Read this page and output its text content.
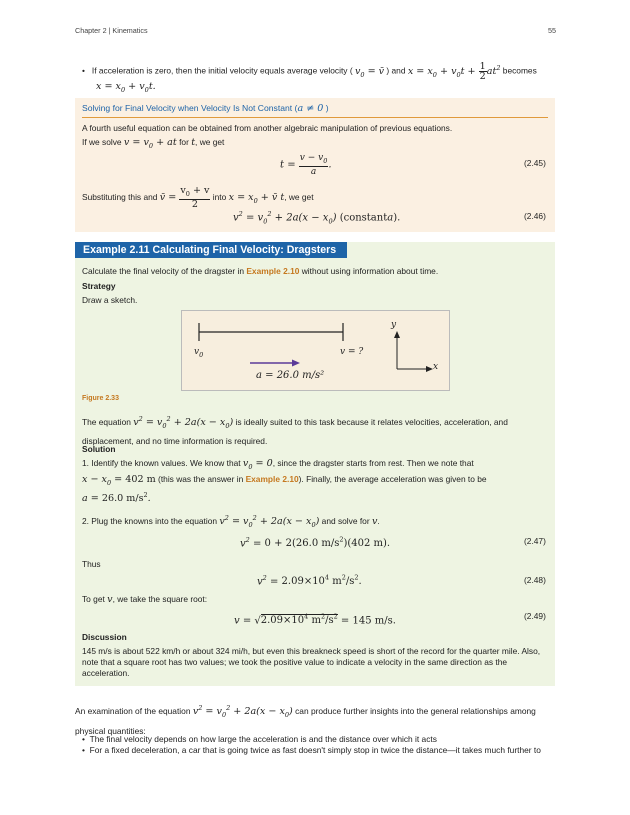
Chapter 2 | Kinematics	55
•   If acceleration is zero, then the initial velocity equals average velocity ( $v_0$ = v̄ ) and $x = x_0 + v_0t + \frac{1}{2} at^2$ becomes
$x = x_0 + v_0t$.
Solving for Final Velocity when Velocity Is Not Constant (a ≠ 0 )
A fourth useful equation can be obtained from another algebraic manipulation of previous equations.
If we solve $v = v_0$ + at for t, we get
$t = \frac{v - v_0}{a}$ .	(2.45)
Substituting this and v̄ = $\frac{v_0 + v}{2}$ into $x = x_0$ + v̄ t, we get
$v^2 = v_0^2 + 2a(x - x_0)$ (constanta).	(2.46)
Example 2.11 Calculating Final Velocity: Dragsters
Calculate the final velocity of the dragster in Example 2.10 without using information about time.
Strategy
Draw a sketch.
$v_0$	v = ?
a = 26.0 m/s²
y
x
Figure 2.33
The equation $v^2 = v_0^2 + 2a(x - x_0)$ is ideally suited to this task because it relates velocities, acceleration, and
displacement, and no time information is required.
Solution
1. Identify the known values. We know that $v_0 = 0$, since the dragster starts from rest. Then we note that
$x - x_0 = 402$ m (this was the answer in Example 2.10). Finally, the average acceleration was given to be
a = 26.0 $m/s^2$.
2. Plug the knowns into the equation $v^2 = v_0^2 + 2a(x - x_0)$ and solve for v.
$v^2 = 0 + 2(26.0$ $m/s^2)(402$ m).	(2.47)
Thus
$v^2 = 2.09\times 10^4$ $m^2/s^2$.	(2.48)
To get v, we take the square root:
$v = √2.09\times 10^4$ $m^2/s^2 = 145$ m/s.	(2.49)
Discussion
145 m/s is about 522 km/h or about 324 mi/h, but even this breakneck speed is short of the record for the quarter mile. Also, note that a square root has two values; we took the positive value to indicate a velocity in the same direction as the acceleration.
An examination of the equation $v^2 = v_0^2 + 2a(x - x_0)$ can produce further insights into the general relationships among
physical quantities:
•  The final velocity depends on how large the acceleration is and the distance over which it acts
•  For a fixed deceleration, a car that is going twice as fast doesn't simply stop in twice the distance—it takes much further to
